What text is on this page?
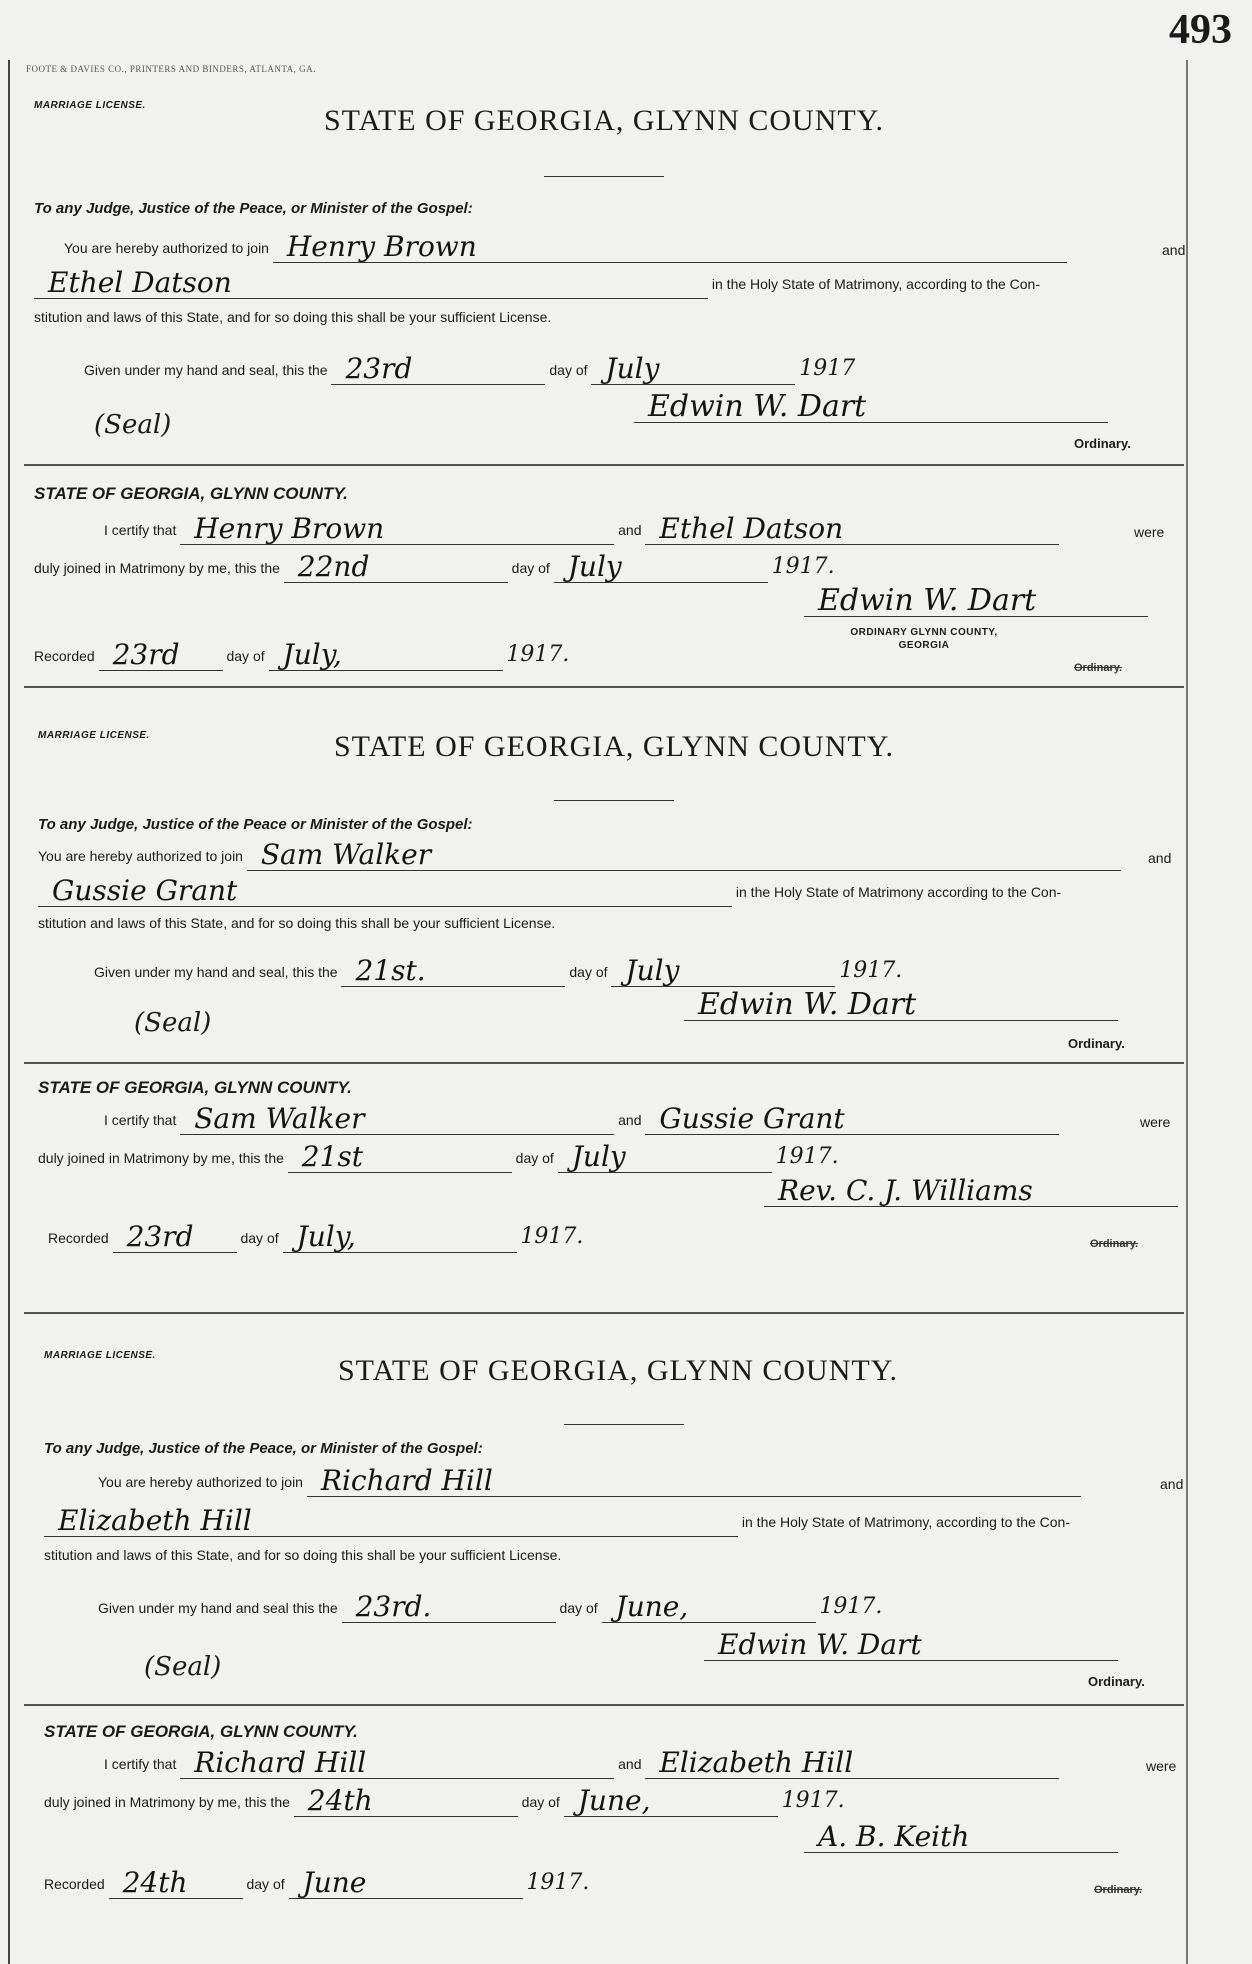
493
FOOTE & DAVIES CO., PRINTERS AND BINDERS, ATLANTA, GA.
MARRIAGE LICENSE.	STATE OF GEORGIA, GLYNN COUNTY.
To any Judge, Justice of the Peace, or Minister of the Gospel:
You are hereby authorized to join Henry Brown	and
Ethel Datson	in the Holy State of Matrimony, according to the Con-
stitution and laws of this State, and for so doing this shall be your sufficient License.
Given under my hand and seal, this the 23rd	day of July	1917
(Seal)
Edwin W. Dart
Ordinary.
STATE OF GEORGIA, GLYNN COUNTY.
I certify that Henry Brown	and Ethel Datson	were
duly joined in Matrimony by me, this the 22nd	day of July	1917.
Edwin W. Dart
Recorded 23rd	day of July,	1917.
ORDINARY GLYNN COUNTY,
GEORGIA
Ordinary.
MARRIAGE LICENSE.	STATE OF GEORGIA, GLYNN COUNTY.
To any Judge, Justice of the Peace or Minister of the Gospel:
You are hereby authorized to join Sam Walker	and
Gussie Grant	in the Holy State of Matrimony according to the Con-
stitution and laws of this State, and for so doing this shall be your sufficient License.
Given under my hand and seal, this the 21st.	day of July	1917.
(Seal)
Edwin W. Dart
Ordinary.
STATE OF GEORGIA, GLYNN COUNTY.
I certify that Sam Walker	and Gussie Grant	were
duly joined in Matrimony by me, this the 21st	day of July	1917.
Rev. C. J. Williams
Recorded 23rd	day of July,	1917.	Ordinary.
MARRIAGE LICENSE.	STATE OF GEORGIA, GLYNN COUNTY.
To any Judge, Justice of the Peace, or Minister of the Gospel:
You are hereby authorized to join Richard Hill	and
Elizabeth Hill	in the Holy State of Matrimony, according to the Con-
stitution and laws of this State, and for so doing this shall be your sufficient License.
Given under my hand and seal this the 23rd.	day of June,	1917.
(Seal)
Edwin W. Dart
Ordinary.
STATE OF GEORGIA, GLYNN COUNTY.
I certify that Richard Hill	and Elizabeth Hill	were
duly joined in Matrimony by me, this the 24th	day of June,	1917.
A. B. Keith
Recorded 24th	day of June	1917.	Ordinary.
